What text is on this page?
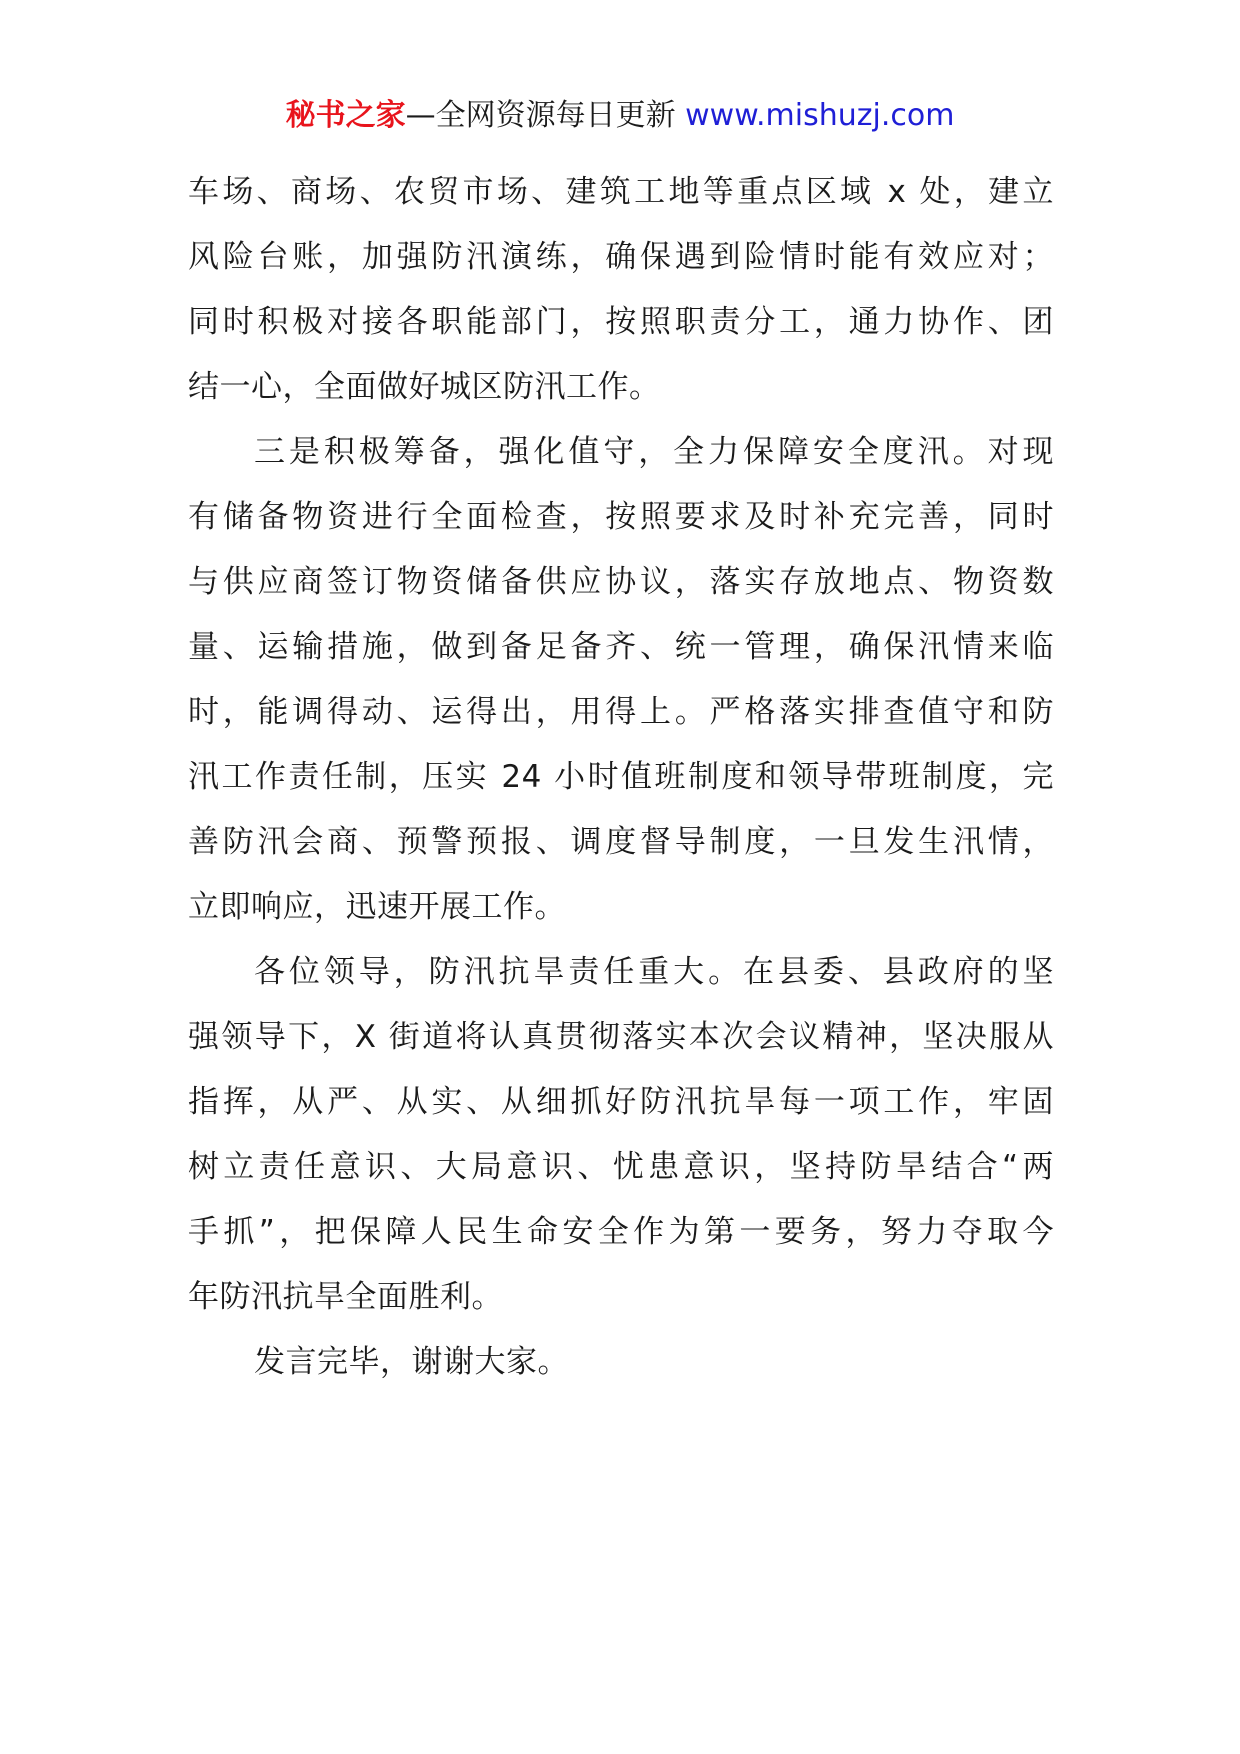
秘书之家—全网资源每日更新 www.mishuzj.com
车场、商场、农贸市场、建筑工地等重点区域 x 处，建立
风险台账，加强防汛演练，确保遇到险情时能有效应对；
同时积极对接各职能部门，按照职责分工，通力协作、团
结一心，全面做好城区防汛工作。
三是积极筹备，强化值守，全力保障安全度汛。对现
有储备物资进行全面检查，按照要求及时补充完善，同时
与供应商签订物资储备供应协议，落实存放地点、物资数
量、运输措施，做到备足备齐、统一管理，确保汛情来临
时，能调得动、运得出，用得上。严格落实排查值守和防
汛工作责任制，压实 24 小时值班制度和领导带班制度，完
善防汛会商、预警预报、调度督导制度，一旦发生汛情，
立即响应，迅速开展工作。
各位领导，防汛抗旱责任重大。在县委、县政府的坚
强领导下，X 街道将认真贯彻落实本次会议精神，坚决服从
指挥，从严、从实、从细抓好防汛抗旱每一项工作，牢固
树立责任意识、大局意识、忧患意识，坚持防旱结合“两
手抓”，把保障人民生命安全作为第一要务，努力夺取今
年防汛抗旱全面胜利。
发言完毕，谢谢大家。
